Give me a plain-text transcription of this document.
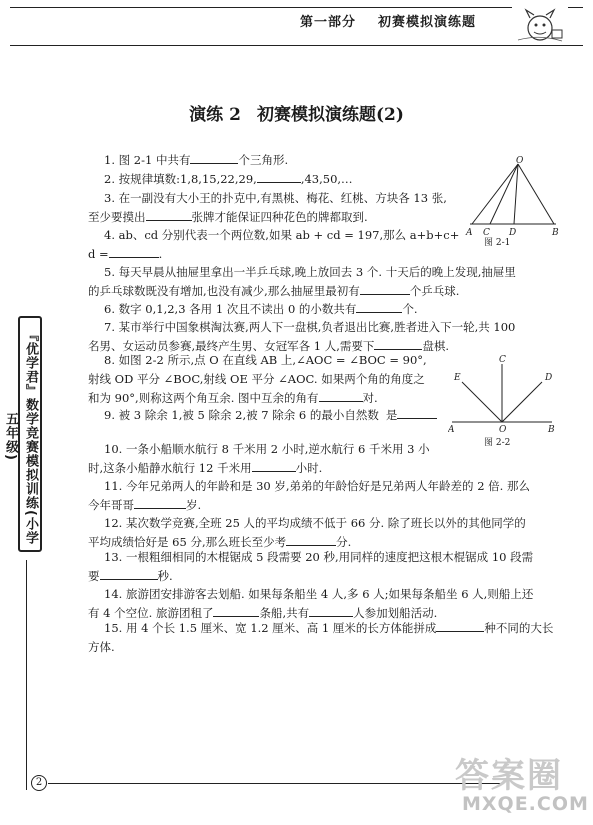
第一部分 初赛模拟演练题
演练 2 初赛模拟演练题(2)
1. 图 2-1 中共有	个三角形.
2. 按规律填数:1,8,15,22,29,	,43,50,…
3. 在一副没有大小王的扑克中,有黑桃、梅花、红桃、方块各 13 张,
至少要摸出	张牌才能保证四种花色的牌都取到.
4. ab、cd 分别代表一个两位数,如果 ab + cd = 197,那么 a+b+c+
d =	.
5. 每天早晨从抽屉里拿出一半乒乓球,晚上放回去 3 个. 十天后的晚上发现,抽屉里
的乒乓球数既没有增加,也没有减少,那么抽屉里最初有	个乒乓球.
6. 数字 0,1,2,3 各用 1 次且不读出 0 的小数共有	个.
7. 某市举行中国象棋淘汰赛,两人下一盘棋,负者退出比赛,胜者进入下一轮,共 100
名男、女运动员参赛,最终产生男、女冠军各 1 人,需要下	盘棋.
8. 如图 2-2 所示,点 O 在直线 AB 上,∠AOC = ∠BOC = 90°,
射线 OD 平分 ∠BOC,射线 OE 平分 ∠AOC. 如果两个角的角度之
和为 90°,则称这两个角互余. 图中互余的角有	对.
9. 被 3 除余 1,被 5 除余 2,被 7 除余 6 的最小自然数 是
10. 一条小船顺水航行 8 千米用 2 小时,逆水航行 6 千米用 3 小
时,这条小船静水航行 12 千米用	小时.
11. 今年兄弟两人的年龄和是 30 岁,弟弟的年龄恰好是兄弟两人年龄差的 2 倍. 那么
今年哥哥	岁.
12. 某次数学竞赛,全班 25 人的平均成绩不低于 66 分. 除了班长以外的其他同学的
平均成绩恰好是 65 分,那么班长至少考	分.
13. 一根粗细相同的木棍锯成 5 段需要 20 秒,用同样的速度把这根木棍锯成 10 段需
要	秒.
14. 旅游团安排游客去划船. 如果每条船坐 4 人,多 6 人;如果每条船坐 6 人,则船上还
有 4 个空位. 旅游团租了	条船,共有	人参加划船活动.
15. 用 4 个长 1.5 厘米、宽 1.2 厘米、高 1 厘米的长方体能拼成	种不同的大长
方体.
O
A C D	B
图 2-1
C
D
E
A	O	B
图 2-2
『优学君』数学竞赛模拟训练(小学五年级)
2	答案圈
MXQE.COM
